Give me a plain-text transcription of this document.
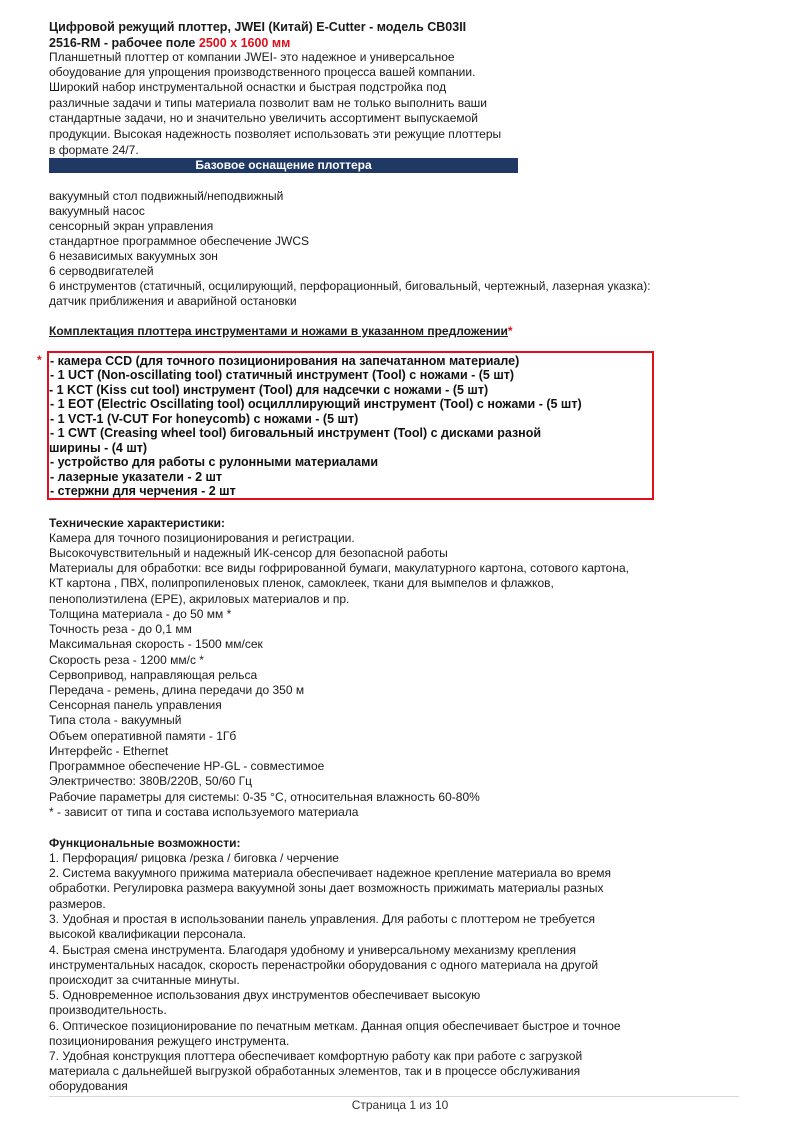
Цифровой режущий плоттер, JWEI (Китай) E-Cutter - модель CB03II
2516-RM - рабочее поле 2500 х 1600 мм
Планшетный плоттер от компании JWEI- это надежное и универсальное
обоудование для упрощения производственного процесса вашей компании.
Широкий набор инструментальной оснастки и быстрая подстройка под
различные задачи и типы материала позволит вам не только выполнить ваши
стандартные задачи, но и значительно увеличить ассортимент выпускаемой
продукции. Высокая надежность позволяет использовать эти режущие плоттеры
в формате 24/7.
Базовое оснащение плоттера
вакуумный стол подвижный/неподвижный
вакуумный насос
сенсорный экран управления
стандартное программное обеспечение JWCS
6 независимых вакуумных зон
6 серводвигателей
6 инструментов (статичный, осцилирующий, перфорационный, биговальный, чертежный, лазерная указка):
датчик приближения и аварийной остановки
Комплектация плоттера инструментами и ножами в указанном предложении*
* - камера CCD (для точного позиционирования на запечатанном материале)
- 1 UCT (Non-oscillating tool) статичный инструмент (Tool) с ножами - (5 шт)
- 1 KCT (Kiss cut tool) инструмент (Tool) для надсечки с ножами - (5 шт)
- 1 EOT (Electric Oscillating tool) осцилллирующий инструмент (Tool) с ножами - (5 шт)
- 1 VCT-1 (V-CUT For honeycomb) с ножами - (5 шт)
- 1 CWT (Creasing wheel tool) биговальный инструмент (Tool) с дисками разной
ширины - (4 шт)
- устройство для работы с рулонными материалами
- лазерные указатели - 2 шт
- стержни для черчения - 2 шт
Технические характеристики:
Камера для точного позиционирования и регистрации.
Высокочувствительный и надежный ИК-сенсор для безопасной работы
Материалы для обработки: все виды гофрированной бумаги, макулатурного картона, сотового картона,
КТ картона , ПВХ, полипропиленовых пленок, самоклеек, ткани для вымпелов и флажков,
пенополиэтилена (EPE), акриловых материалов и пр.
Толщина материала - до 50 мм *
Точность реза - до 0,1 мм
Максимальная скорость - 1500 мм/сек
Скорость реза - 1200 мм/с *
Сервопривод, направляющая рельса
Передача - ремень, длина передачи до 350 м
Сенсорная панель управления
Типа стола - вакуумный
Объем оперативной памяти - 1Гб
Интерфейс - Ethernet
Программное обеспечение HP-GL - совместимое
Электричество: 380В/220В, 50/60 Гц
Рабочие параметры для системы: 0-35 °С, относительная влажность 60-80%
* - зависит от типа и состава используемого материала
Функциональные возможности:
1. Перфорация/ рицовка /резка / биговка / черчение
2. Система вакуумного прижима материала обеспечивает надежное крепление материала во время
обработки. Регулировка размера вакуумной зоны дает возможность прижимать материалы разных
размеров.
3. Удобная и простая в использовании панель управления. Для работы с плоттером не требуется
высокой квалификации персонала.
4. Быстрая смена инструмента. Благодаря удобному и универсальному механизму крепления
инструментальных насадок, скорость перенастройки оборудования с одного материала на другой
происходит за считанные минуты.
5. Одновременное использования двух инструментов обеспечивает высокую
производительность.
6. Оптическое позиционирование по печатным меткам. Данная опция обеспечивает быстрое и точное
позиционирования режущего инструмента.
7. Удобная конструкция плоттера обеспечивает комфортную работу как при работе с загрузкой
материала с дальнейшей выгрузкой обработанных элементов, так и в процессе обслуживания
оборудования
Страница 1 из 10
